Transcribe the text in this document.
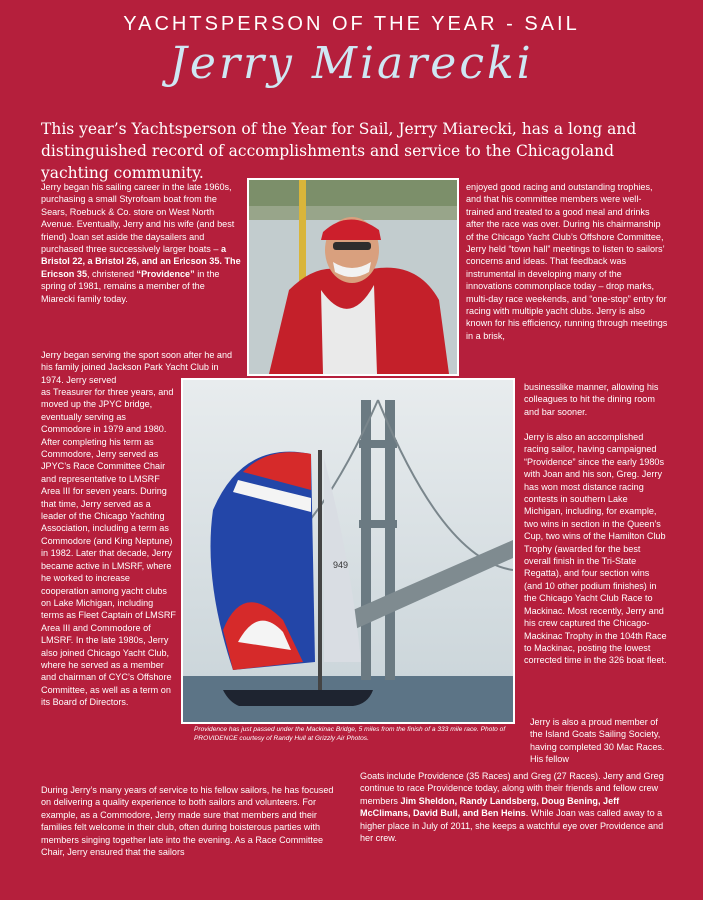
YACHTSPERSON OF THE YEAR - SAIL
Jerry Miarecki
This year’s Yachtsperson of the Year for Sail, Jerry Miarecki, has a long and distinguished record of accomplishments and service to the Chicagoland yachting community.
949
Providence has just passed under the Mackinac Bridge, 5 miles from the finish of a 333 mile race. Photo of PROVIDENCE courtesy of Randy Hull at Grizzly Air Photos.
Jerry began his sailing career in the late 1960s, purchasing a small Styrofoam boat from the Sears, Roebuck & Co. store on West North Avenue. Eventually, Jerry and his wife (and best friend) Joan set aside the daysailers and purchased three successively larger boats – a Bristol 22, a Bristol 26, and an Ericson 35. The Ericson 35, christened “Providence” in the spring of 1981, remains a member of the Miarecki family today.
Jerry began serving the sport soon after he and his family joined Jackson Park Yacht Club in 1974. Jerry served
as Treasurer for three years, and moved up the JPYC bridge, eventually serving as Commodore in 1979 and 1980. After completing his term as Commodore, Jerry served as JPYC’s Race Committee Chair and representative to LMSRF Area III for seven years. During that time, Jerry served as a leader of the Chicago Yachting Association, including a term as Commodore (and King Neptune) in 1982. Later that decade, Jerry became active in LMSRF, where he worked to increase cooperation among yacht clubs on Lake Michigan, including terms as Fleet Captain of LMSRF Area III and Commodore of LMSRF. In the late 1980s, Jerry also joined Chicago Yacht Club, where he served as a member and chairman of CYC’s Offshore Committee, as well as a term on its Board of Directors.
enjoyed good racing and outstanding trophies, and that his committee members were well-trained and treated to a good meal and drinks after the race was over. During his chairmanship of the Chicago Yacht Club’s Offshore Committee, Jerry held “town hall” meetings to listen to sailors’ concerns and ideas. That feedback was instrumental in developing many of the innovations commonplace today – drop marks, multi-day race weekends, and “one-stop” entry for racing with multiple yacht clubs. Jerry is also known for his efficiency, running through meetings in a brisk,
businesslike manner, allowing his colleagues to hit the dining room and bar sooner.
Jerry is also an accomplished racing sailor, having campaigned “Providence” since the early 1980s with Joan and his son, Greg. Jerry has won most distance racing contests in southern Lake Michigan, including, for example, two wins in section in the Queen’s Cup, two wins of the Hamilton Club Trophy (awarded for the best overall finish in the Tri-State Regatta), and four section wins (and 10 other podium finishes) in the Chicago Yacht Club Race to Mackinac. Most recently, Jerry and his crew captured the Chicago-Mackinac Trophy in the 104th Race to Mackinac, posting the lowest corrected time in the 326 boat fleet.
Jerry is also a proud member of the Island Goats Sailing Society, having completed 30 Mac Races. His fellow
During Jerry’s many years of service to his fellow sailors, he has focused on delivering a quality experience to both sailors and volunteers. For example, as a Commodore, Jerry made sure that members and their families felt welcome in their club, often during boisterous parties with members singing together late into the evening. As a Race Committee Chair, Jerry ensured that the sailors
Goats include Providence (35 Races) and Greg (27 Races). Jerry and Greg continue to race Providence today, along with their friends and fellow crew members Jim Sheldon, Randy Landsberg, Doug Bening, Jeff McClimans, David Bull, and Ben Heins. While Joan was called away to a higher place in July of 2011, she keeps a watchful eye over Providence and her crew.
